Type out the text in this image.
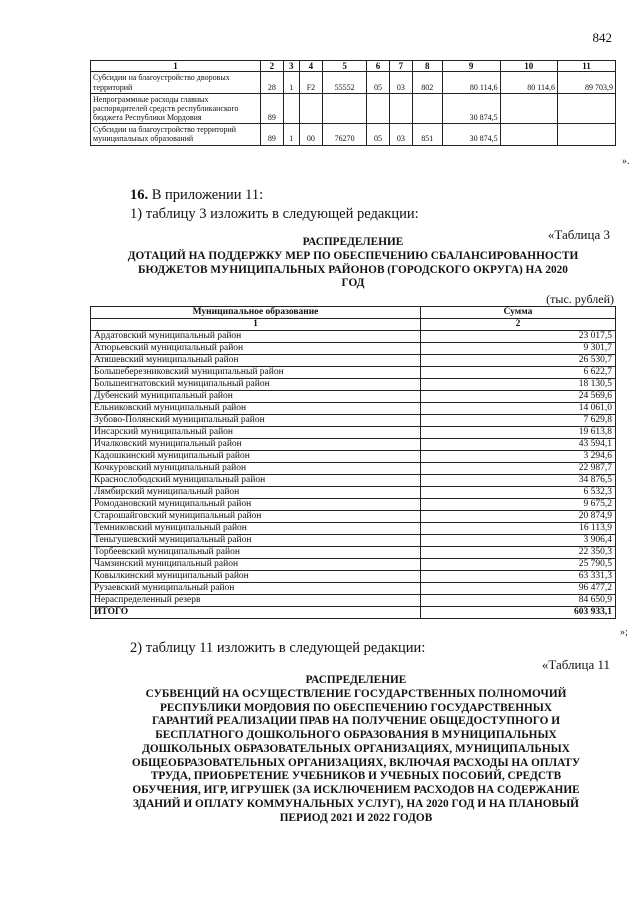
842
1	2	3	4	5	6	7	8	9	10	11
Субсидии на благоустройство дворовых территорий	28	1	F2	55552	05	03	802	80 114,6	80 114,6	89 703,9
Непрограммные расходы главных распорядителей средств республиканского бюджета Республики Мордовия	89							30 874,5		
Субсидии на благоустройство территорий муниципальных образований	89	1	00	76270	05	03	851	30 874,5		
».
16. В приложении 11:
1) таблицу 3 изложить в следующей редакции:
«Таблица 3
РАСПРЕДЕЛЕНИЕ
ДОТАЦИЙ НА ПОДДЕРЖКУ МЕР ПО ОБЕСПЕЧЕНИЮ СБАЛАНСИРОВАННОСТИ
БЮДЖЕТОВ МУНИЦИПАЛЬНЫХ РАЙОНОВ (ГОРОДСКОГО ОКРУГА) НА 2020
ГОД
(тыс. рублей)
Муниципальное образование	Сумма
1	2
Ардатовский муниципальный район	23 017,5
Атюрьевский муниципальный район	9 301,7
Атяшевский муниципальный район	26 530,7
Большеберезниковский муниципальный район	6 622,7
Большеигнатовский муниципальный район	18 130,5
Дубенский муниципальный район	24 569,6
Ельниковский муниципальный район	14 061,0
Зубово-Полянский муниципальный район	7 629,8
Инсарский муниципальный район	19 613,8
Ичалковский муниципальный район	43 594,1
Кадошкинский муниципальный район	3 294,6
Кочкуровский муниципальный район	22 987,7
Краснослободский муниципальный район	34 876,5
Лямбирский муниципальный район	6 532,3
Ромодановский муниципальный район	9 675,2
Старошайговский муниципальный район	20 874,9
Темниковский муниципальный район	16 113,9
Теньгушевский муниципальный район	3 906,4
Торбеевский муниципальный район	22 350,3
Чамзинский муниципальный район	25 790,5
Ковылкинский муниципальный район	63 331,3
Рузаевский муниципальный район	96 477,2
Нераспределенный резерв	84 650,9
ИТОГО	603 933,1
»;
2) таблицу 11 изложить в следующей редакции:
«Таблица 11
РАСПРЕДЕЛЕНИЕ
СУБВЕНЦИЙ НА ОСУЩЕСТВЛЕНИЕ ГОСУДАРСТВЕННЫХ ПОЛНОМОЧИЙ
РЕСПУБЛИКИ МОРДОВИЯ ПО ОБЕСПЕЧЕНИЮ ГОСУДАРСТВЕННЫХ
ГАРАНТИЙ РЕАЛИЗАЦИИ ПРАВ НА ПОЛУЧЕНИЕ ОБЩЕДОСТУПНОГО И
БЕСПЛАТНОГО ДОШКОЛЬНОГО ОБРАЗОВАНИЯ В МУНИЦИПАЛЬНЫХ
ДОШКОЛЬНЫХ ОБРАЗОВАТЕЛЬНЫХ ОРГАНИЗАЦИЯХ, МУНИЦИПАЛЬНЫХ
ОБЩЕОБРАЗОВАТЕЛЬНЫХ ОРГАНИЗАЦИЯХ, ВКЛЮЧАЯ РАСХОДЫ НА ОПЛАТУ
ТРУДА, ПРИОБРЕТЕНИЕ УЧЕБНИКОВ И УЧЕБНЫХ ПОСОБИЙ, СРЕДСТВ
ОБУЧЕНИЯ, ИГР, ИГРУШЕК (ЗА ИСКЛЮЧЕНИЕМ РАСХОДОВ НА СОДЕРЖАНИЕ
ЗДАНИЙ И ОПЛАТУ КОММУНАЛЬНЫХ УСЛУГ), НА 2020 ГОД И НА ПЛАНОВЫЙ
ПЕРИОД 2021 И 2022 ГОДОВ
